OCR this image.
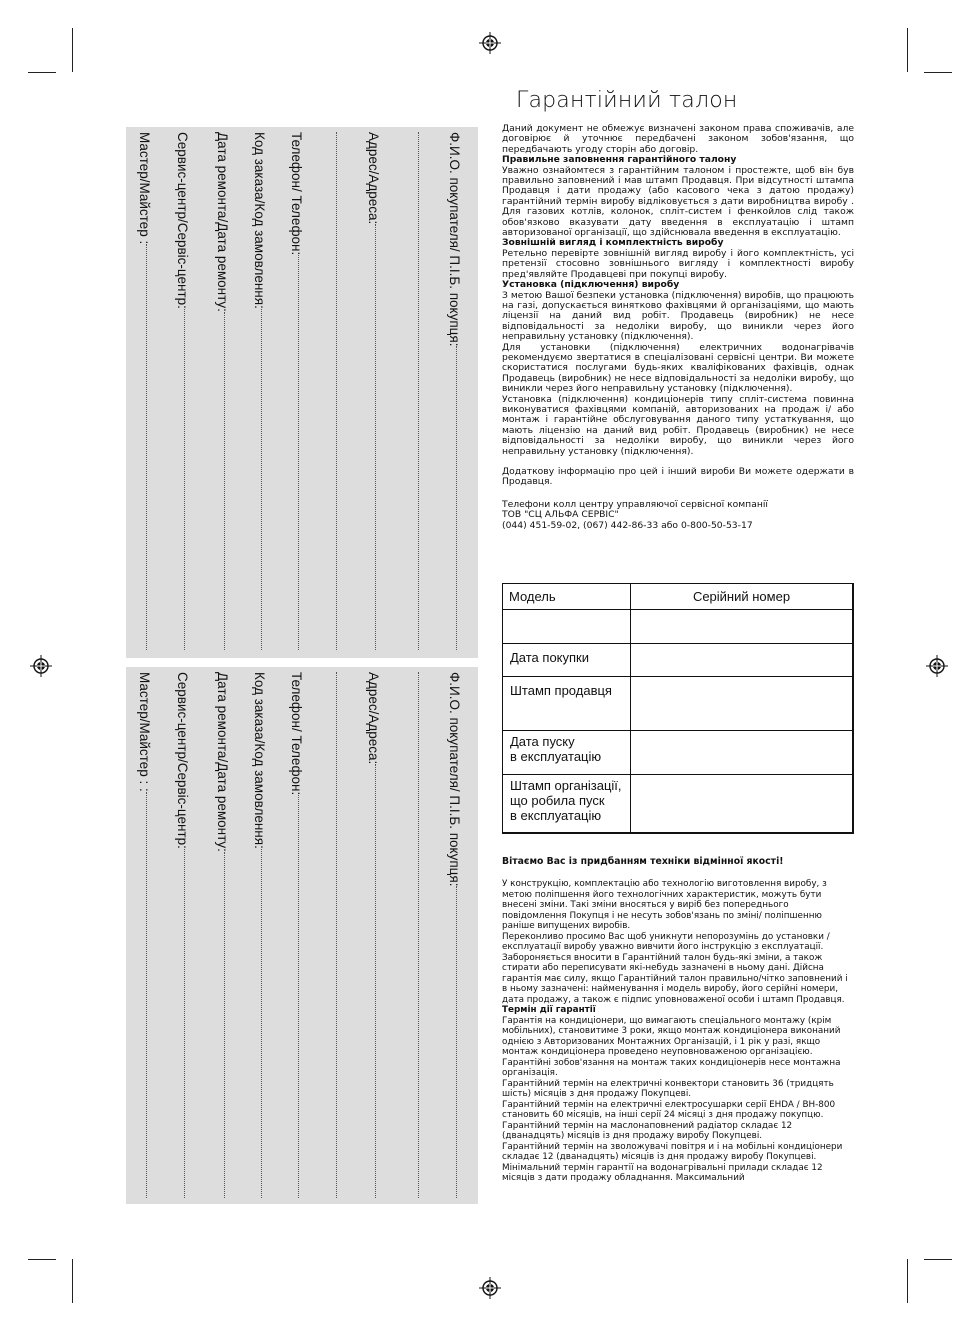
Ф.И.О. покупателя/ П.І.Б. покупця:
Адрес/Адреса:
Телефон/ Телефон:
Код заказа/Код замовлення:
Дата ремонта/Дата ремонту:
Сервис-центр/Сервіс-центр:
Мастер/Майстер :
Ф.И.О. покупателя/ П.І.Б. покупця:
Адрес/Адреса:
Телефон/ Телефон:
Код заказа/Код замовлення:
Дата ремонта/Дата ремонту:
Сервис-центр/Сервіс-центр:
Мастер/Майстер : :
Гарантійний талон

Даний документ не обмежує визначені законом права споживачів, але договірює й уточнює передбачені законом зобов'язання, що передбачають угоду сторін або договір.

Правильне заповнення гарантійного талону

Уважно ознайомтеся з гарантійним талоном і простежте, щоб він був правильно заповнений і мав штамп Продавця. При відсутності штампа Продавця і дати продажу (або касового чека з датою продажу) гарантійний термін виробу відліковується з дати виробництва виробу . Для газових котлів, колонок, спліт-систем і фенкойлов слід також обов'язково вказувати дату введення в експлуатацію і штамп авторизованої організації, що здійснювала введення в експлуатацію.

Зовнішній вигляд і комплектність виробу

Ретельно перевірте зовнішній вигляд виробу і його комплектність, усі претензії стосовно зовнішнього вигляду і комплектності виробу пред'являйте Продавцеві при покупці виробу.

Установка (підключення) виробу

З метою Вашої безпеки установка (підключення) виробів, що працюють на газі, допускається винятково фахівцями й організаціями, що мають ліцензії на даний вид робіт. Продавець (виробник) не несе відповідальності за недоліки виробу, що виникли через його неправильну установку (підключення).

Для установки (підключення) електричних водонагрівачів рекомендуємо звертатися в спеціалізовані сервісні центри. Ви можете скористатися послугами будь-яких кваліфікованих фахівців, однак Продавець (виробник) не несе відповідальності за недоліки виробу, що виникли через його неправильну установку (підключення).

Установка (підключення) кондиціонерів типу спліт-система повинна виконуватися фахівцями компаній, авторизованих на продаж і/ або монтаж і гарантійне обслуговування даного типу устаткування, що мають ліцензію на даний вид робіт. Продавець (виробник) не несе відповідальності за недоліки виробу, що виникли через його неправильну установку (підключення).

Додаткову інформацію про цей і інший вироби Ви можете одержати в Продавця.

Телефони колл центру управляючої сервісної компанії

ТОВ "СЦ АЛЬФА СЕРВІС"

(044) 451-59-02, (067) 442-86-33 або 0-800-50-53-17

Модель	Серійний номер

Дата покупки	
Штамп продавця	
Дата пуску
в експлуатацію	
Штамп організації,
що робила пуск
в експлуатацію	
Вітаємо Вас із придбанням техніки відмінної якості!

У конструкцію, комплектацію або технологію виготовлення виробу, з метою поліпшення його технологічних характеристик, можуть бути внесені зміни. Такі зміни вносяться у виріб без попереднього повідомлення Покупця і не несуть зобов'язань по зміні/ поліпшенню раніше випущених виробів.

Переконливо просимо Вас щоб уникнути непорозумінь до установки /експлуатації виробу уважно вивчити його інструкцію з експлуатації. Забороняється вносити в Гарантійний талон будь-які зміни, а також стирати або переписувати які-небудь зазначені в ньому дані. Дійсна гарантія має силу, якщо Гарантійний талон правильно/чітко заповнений і в ньому зазначені: найменування і модель виробу, його серійні номери, дата продажу, а також є підпис уповноваженої особи і штамп Продавця.

Термін дії гарантії

Гарантія на кондиціонери, що вимагають спеціального монтажу (крім мобільних), становитиме 3 роки, якщо монтаж кондиціонера виконаний однією з Авторизованих Монтажних Організацій, і 1 рік у разі, якщо монтаж кондиціонера проведено неуповноваженою організацією. Гарантійні зобов'язання на монтаж таких кондиціонерів несе монтажна організація.

Гарантійний термін на електричні конвектори становить 36 (тридцять шість) місяців з дня продажу Покупцеві.

Гарантійний термін на електричні електросушарки серії EHDA / BH-800 становить 60 місяців, на інші серії 24 місяці з дня продажу покупцю.

Гарантійний термін на маслонаповнений радіатор складає 12 (дванадцять) місяців із дня продажу виробу Покупцеві.

Гарантійний термін на зволожувачі повітря и і на мобільні кондиціонери складає 12 (дванадцять) місяців із дня продажу виробу Покупцеві.

Мінімальний термін гарантії на водонагрівальні прилади складає 12 місяців з дати продажу обладнання. Максимальний
